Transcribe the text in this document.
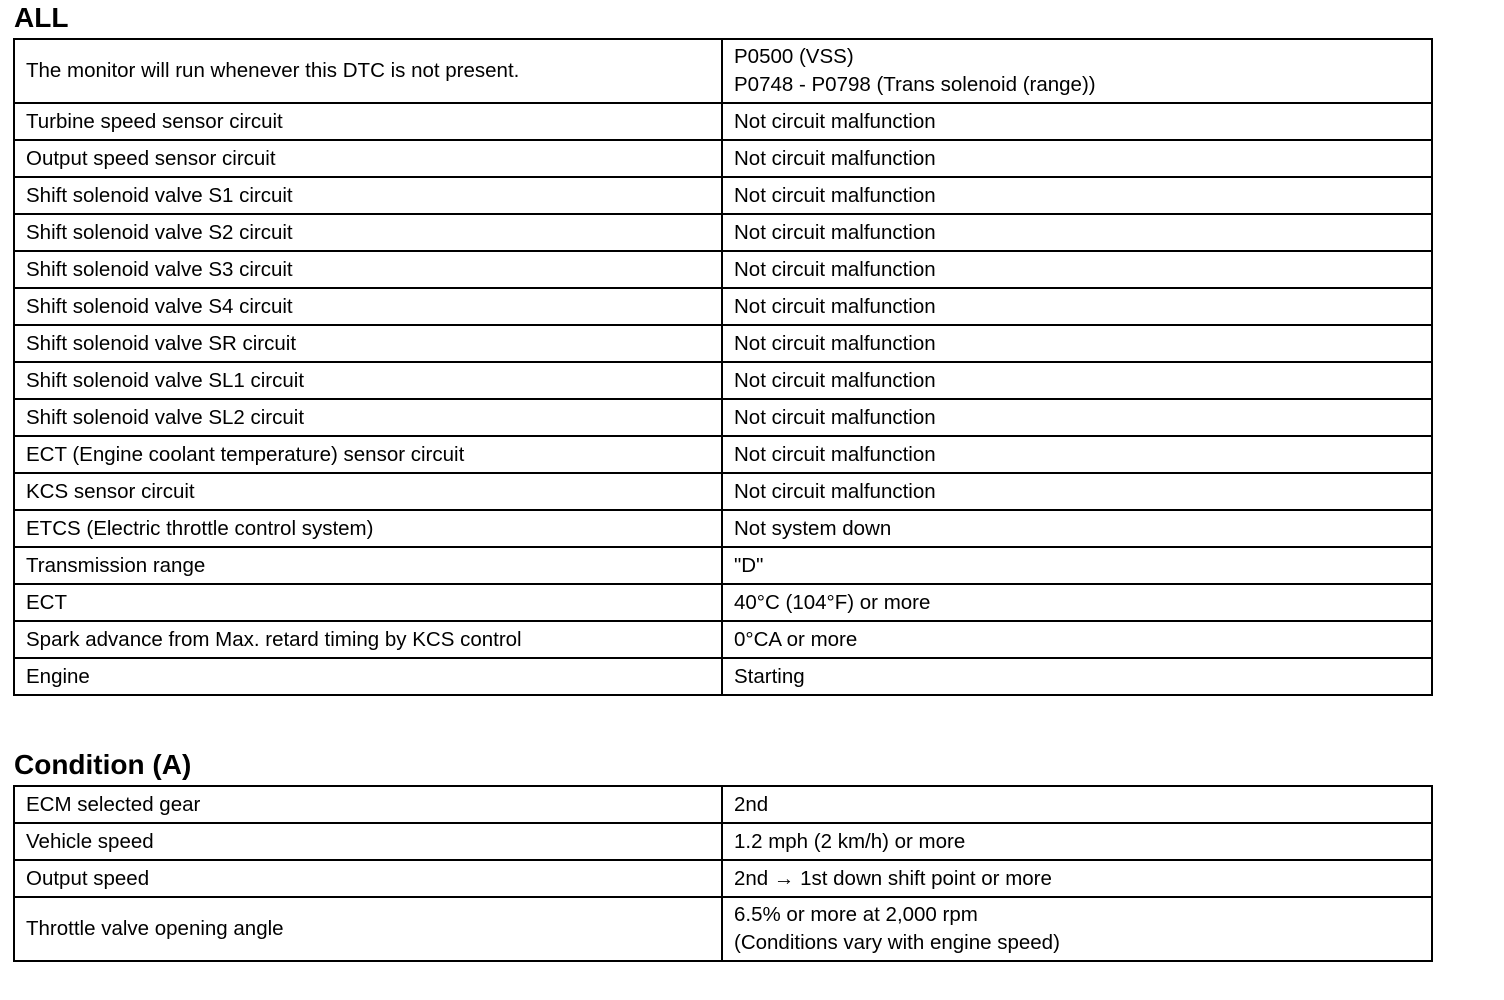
ALL
The monitor will run whenever this DTC is not present.	P0500 (VSS)
P0748 - P0798 (Trans solenoid (range))

Turbine speed sensor circuit	Not circuit malfunction

Output speed sensor circuit	Not circuit malfunction

Shift solenoid valve S1 circuit	Not circuit malfunction

Shift solenoid valve S2 circuit	Not circuit malfunction

Shift solenoid valve S3 circuit	Not circuit malfunction

Shift solenoid valve S4 circuit	Not circuit malfunction

Shift solenoid valve SR circuit	Not circuit malfunction

Shift solenoid valve SL1 circuit	Not circuit malfunction

Shift solenoid valve SL2 circuit	Not circuit malfunction

ECT (Engine coolant temperature) sensor circuit	Not circuit malfunction

KCS sensor circuit	Not circuit malfunction

ETCS (Electric throttle control system)	Not system down

Transmission range	"D"

ECT	40°C (104°F) or more

Spark advance from Max. retard timing by KCS control	0°CA or more

Engine	Starting
Condition (A)
ECM selected gear	2nd

Vehicle speed	1.2 mph (2 km/h) or more

Output speed	2nd → 1st down shift point or more

Throttle valve opening angle	6.5% or more at 2,000 rpm
(Conditions vary with engine speed)
